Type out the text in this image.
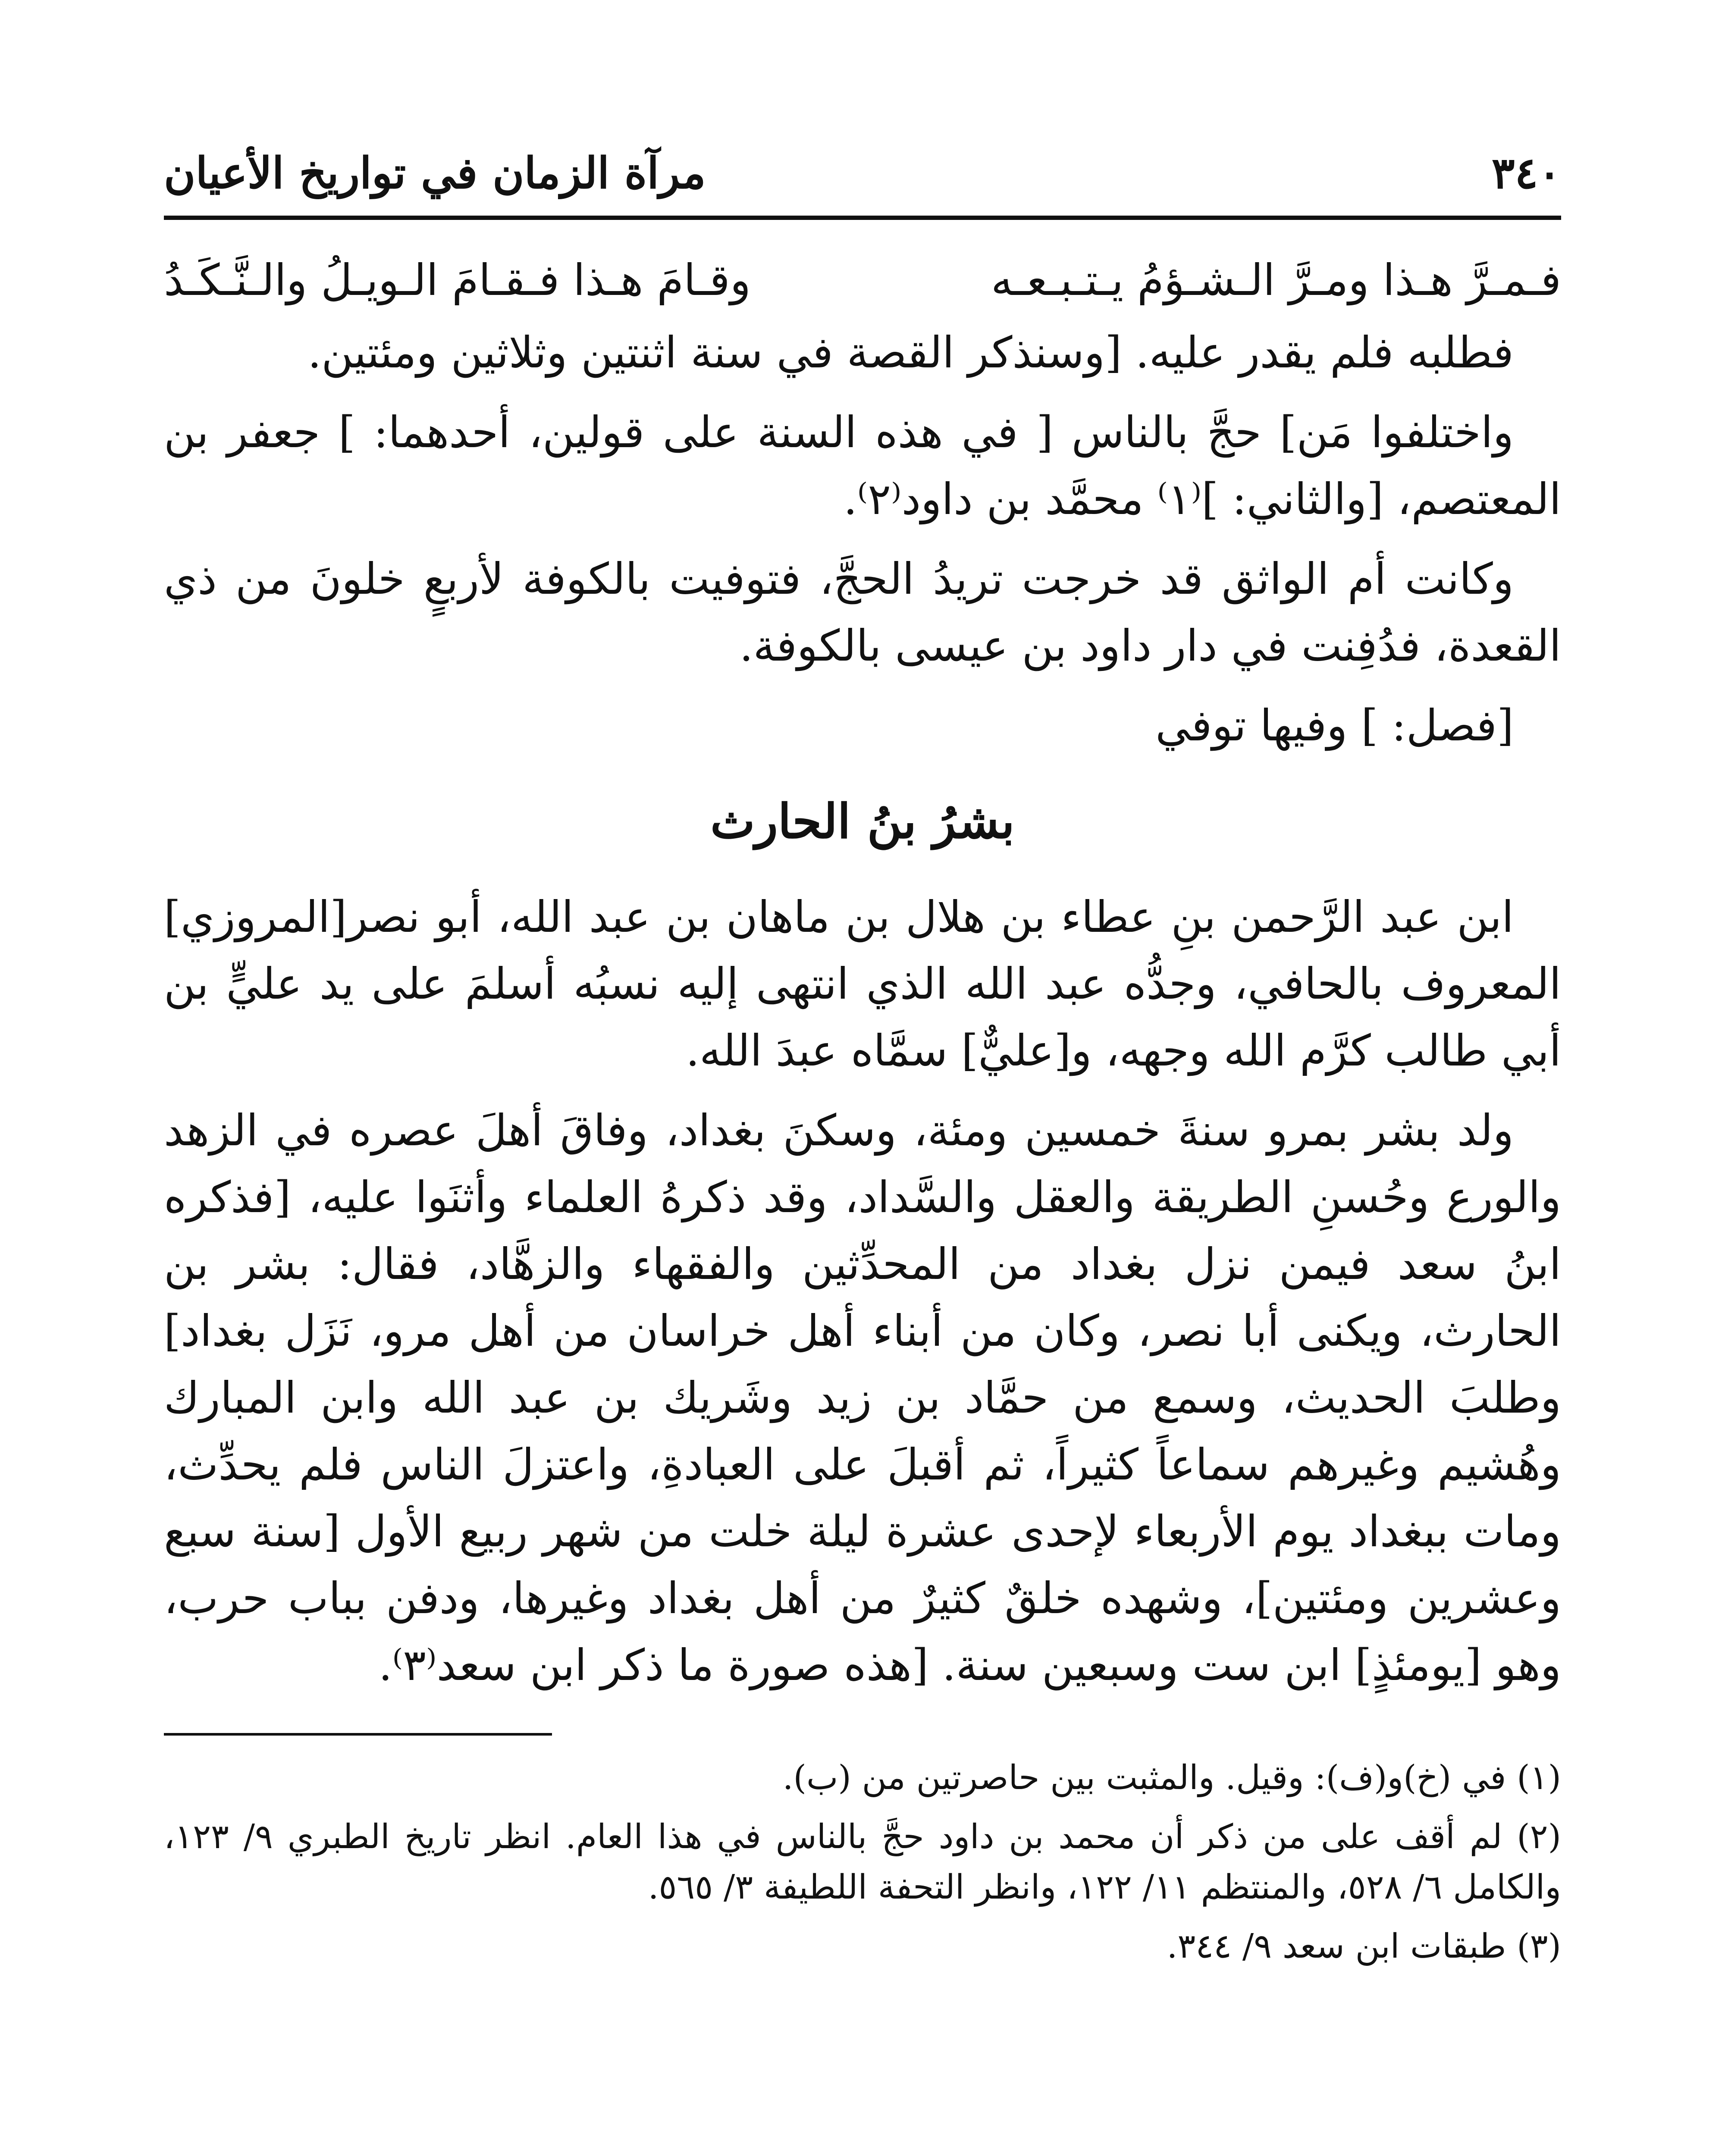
٣٤٠
مرآة الزمان في تواريخ الأعيان
فـمـرَّ هـذا ومـرَّ الـشـؤمُ يـتـبـعـه
وقـامَ هـذا فـقـامَ الـويـلُ والـنَّـكَـدُ

فطلبه فلم يقدر عليه. [وسنذكر القصة في سنة اثنتين وثلاثين ومئتين.

واختلفوا مَن] حجَّ بالناس [ في هذه السنة على قولين، أحدهما: ] جعفر بن المعتصم، [والثاني: ]⁽١⁾ محمَّد بن داود⁽٢⁾.

وكانت أم الواثق قد خرجت تريدُ الحجَّ، فتوفيت بالكوفة لأربعٍ خلونَ من ذي القعدة، فدُفِنت في دار داود بن عيسى بالكوفة.

[فصل: ] وفيها توفي

بشرُ بنُ الحارث

ابن عبد الرَّحمن بنِ عطاء بن هلال بن ماهان بن عبد الله، أبو نصر[المروزي] المعروف بالحافي، وجدُّه عبد الله الذي انتهى إليه نسبُه أسلمَ على يد عليٍّ بن أبي طالب كرَّم الله وجهه، و[عليٌّ] سمَّاه عبدَ الله.

ولد بشر بمرو سنةَ خمسين ومئة، وسكنَ بغداد، وفاقَ أهلَ عصره في الزهد والورع وحُسنِ الطريقة والعقل والسَّداد، وقد ذكرهُ العلماء وأثنَوا عليه، [فذكره ابنُ سعد فيمن نزل بغداد من المحدِّثين والفقهاء والزهَّاد، فقال: بشر بن الحارث، ويكنى أبا نصر، وكان من أبناء أهل خراسان من أهل مرو، نَزَل بغداد] وطلبَ الحديث، وسمع من حمَّاد بن زيد وشَريك بن عبد الله وابن المبارك وهُشيم وغيرهم سماعاً كثيراً، ثم أقبلَ على العبادةِ، واعتزلَ الناس فلم يحدِّث، ومات ببغداد يوم الأربعاء لإحدى عشرة ليلة خلت من شهر ربيع الأول [سنة سبع وعشرين ومئتين]، وشهده خلقٌ كثيرٌ من أهل بغداد وغيرها، ودفن بباب حرب، وهو [يومئذٍ] ابن ست وسبعين سنة. [هذه صورة ما ذكر ابن سعد⁽٣⁾.

(١) في (خ)و(ف): وقيل. والمثبت بين حاصرتين من (ب).

(٢) لم أقف على من ذكر أن محمد بن داود حجَّ بالناس في هذا العام. انظر تاريخ الطبري ٩/ ١٢٣، والكامل ٦/ ٥٢٨، والمنتظم ١١/ ١٢٢، وانظر التحفة اللطيفة ٣/ ٥٦٥.

(٣) طبقات ابن سعد ٩/ ٣٤٤.
